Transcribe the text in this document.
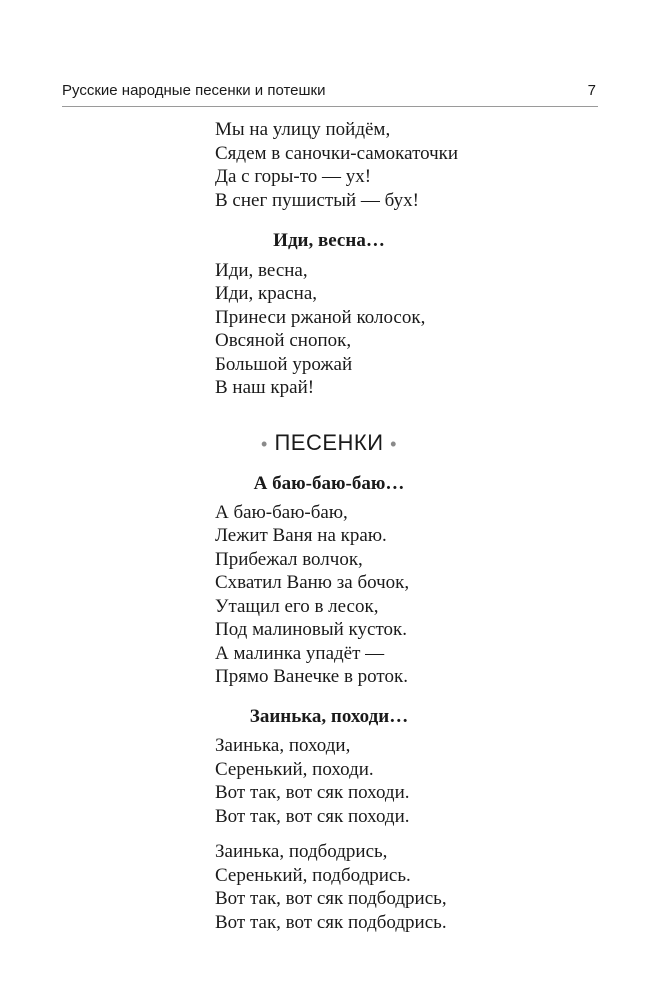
Русские народные песенки и потешки	7
Мы на улицу пойдём,
Сядем в саночки-самокаточки
Да с горы-то — ух!
В снег пушистый — бух!
Иди, весна…
Иди, весна,
Иди, красна,
Принеси ржаной колосок,
Овсяной снопок,
Большой урожай
В наш край!
• ПЕСЕНКИ •
А баю-баю-баю…
А баю-баю-баю,
Лежит Ваня на краю.
Прибежал волчок,
Схватил Ваню за бочок,
Утащил его в лесок,
Под малиновый кусток.
А малинка упадёт —
Прямо Ванечке в роток.
Заинька, походи…
Заинька, походи,
Серенький, походи.
Вот так, вот сяк походи.
Вот так, вот сяк походи.
Заинька, подбодрись,
Серенький, подбодрись.
Вот так, вот сяк подбодрись,
Вот так, вот сяк подбодрись.
